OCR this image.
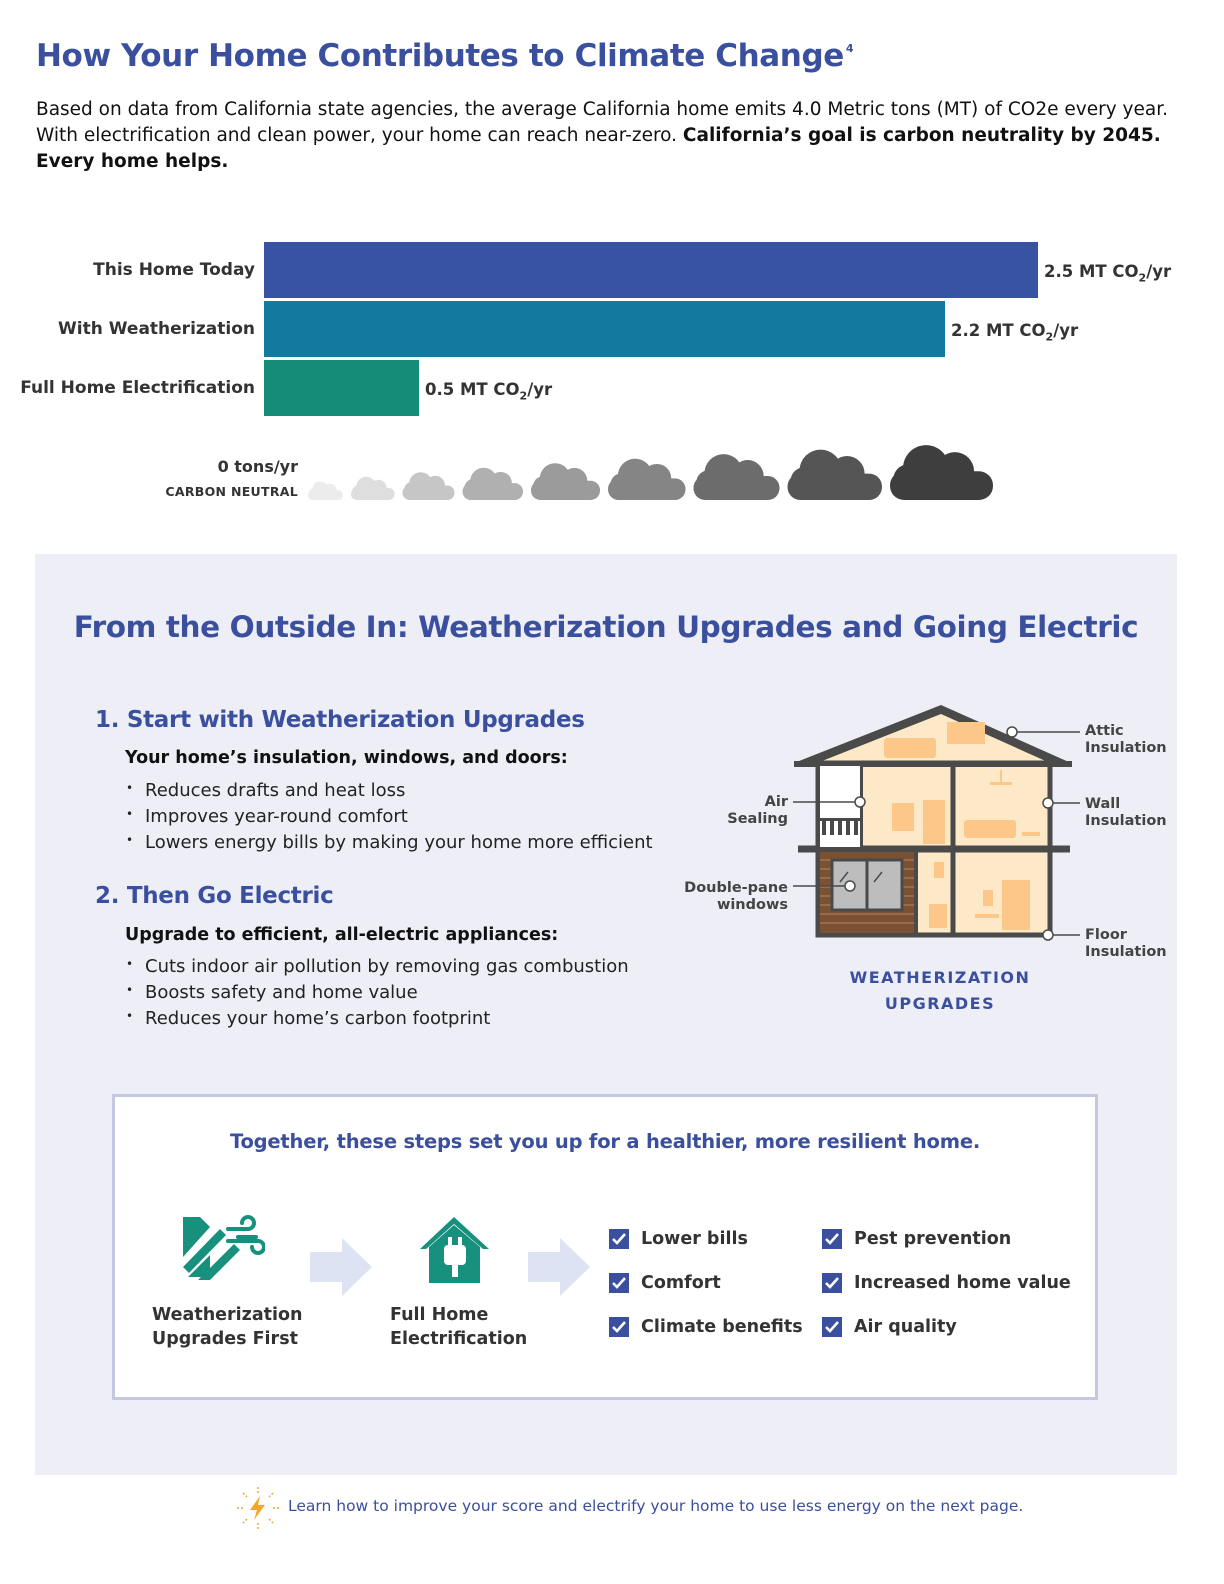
How Your Home Contributes to Climate Change $^4$
Based on data from California state agencies, the average California home emits 4.0 Metric tons (MT) of CO2e every year. With electrification and clean power, your home can reach near-zero. California’s goal is carbon neutrality by 2045. Every home helps.
This Home Today	2.5 MT $CO_2/yr$
With Weatherization	2.2 MT $CO_2/yr$
Full Home Electrification	0.5 MT $CO_2/yr$
0 tons/yr
CARBON NEUTRAL
From the Outside In: Weatherization Upgrades and Going Electric
1. Start with Weatherization Upgrades
Your home’s insulation, windows, and doors:
• Reduces drafts and heat loss
• Improves year-round comfort
• Lowers energy bills by making your home more efficient
2. Then Go Electric
Upgrade to efficient, all-electric appliances:
• Cuts indoor air pollution by removing gas combustion
• Boosts safety and home value
• Reduces your home’s carbon footprint
Attic
Insulation
Wall
Insulation
Floor
Insulation
Air
Sealing
Double-pane
windows
WEATHERIZATION
UPGRADES
Together, these steps set you up for a healthier, more resilient home.
Weatherization
Upgrades First
Full Home
Electrification
Lower bills
Comfort
Climate benefits
Pest prevention
Increased home value
Air quality
Learn how to improve your score and electrify your home to use less energy on the next page.
